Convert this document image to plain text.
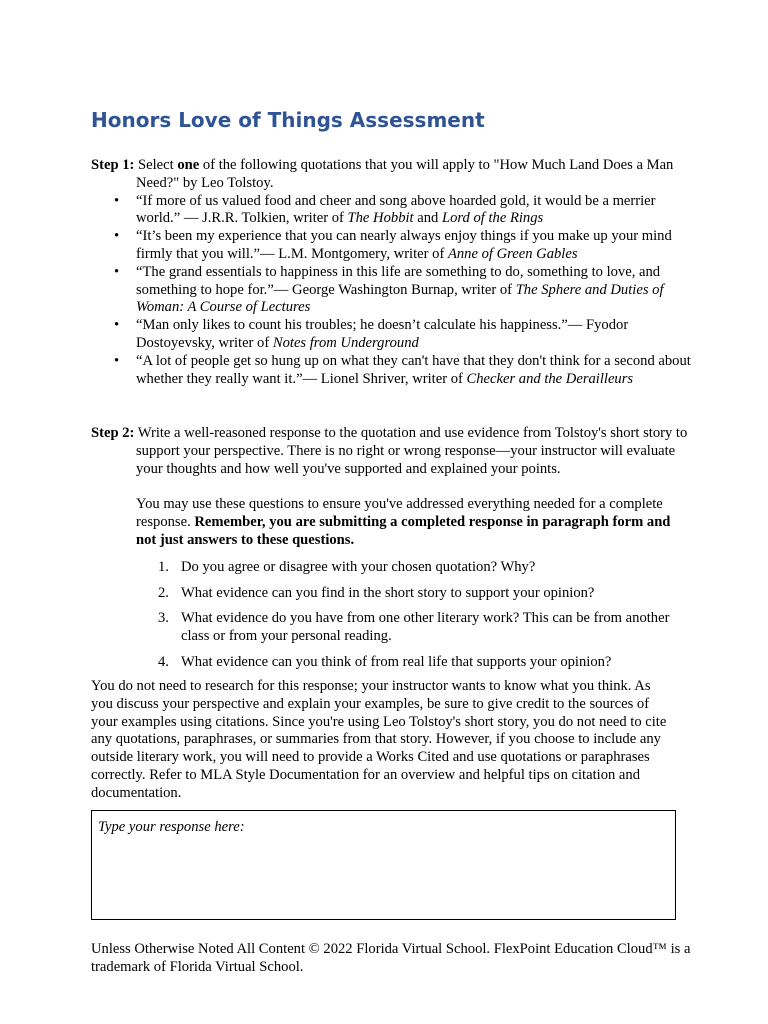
Honors Love of Things Assessment

Step 1: Select one of the following quotations that you will apply to "How Much Land Does a Man Need?" by Leo Tolstoy.

• “If more of us valued food and cheer and song above hoarded gold, it would be a merrier world.” — J.R.R. Tolkien, writer of The Hobbit and Lord of the Rings
• “It’s been my experience that you can nearly always enjoy things if you make up your mind firmly that you will.”— L.M. Montgomery, writer of Anne of Green Gables
• “The grand essentials to happiness in this life are something to do, something to love, and something to hope for.”— George Washington Burnap, writer of The Sphere and Duties of Woman: A Course of Lectures
• “Man only likes to count his troubles; he doesn’t calculate his happiness.”— Fyodor Dostoyevsky, writer of Notes from Underground
• “A lot of people get so hung up on what they can't have that they don't think for a second about whether they really want it.”— Lionel Shriver, writer of Checker and the Derailleurs

Step 2: Write a well-reasoned response to the quotation and use evidence from Tolstoy's short story to support your perspective. There is no right or wrong response—your instructor will evaluate your thoughts and how well you've supported and explained your points.

You may use these questions to ensure you've addressed everything needed for a complete response. Remember, you are submitting a completed response in paragraph form and not just answers to these questions.

1. Do you agree or disagree with your chosen quotation? Why?
2. What evidence can you find in the short story to support your opinion?
3. What evidence do you have from one other literary work? This can be from another class or from your personal reading.
4. What evidence can you think of from real life that supports your opinion?

You do not need to research for this response; your instructor wants to know what you think. As you discuss your perspective and explain your examples, be sure to give credit to the sources of your examples using citations. Since you're using Leo Tolstoy's short story, you do not need to cite any quotations, paraphrases, or summaries from that story. However, if you choose to include any outside literary work, you will need to provide a Works Cited and use quotations or paraphrases correctly. Refer to MLA Style Documentation for an overview and helpful tips on citation and documentation.

Type your response here:

Unless Otherwise Noted All Content © 2022 Florida Virtual School. FlexPoint Education Cloud™ is a trademark of Florida Virtual School.
